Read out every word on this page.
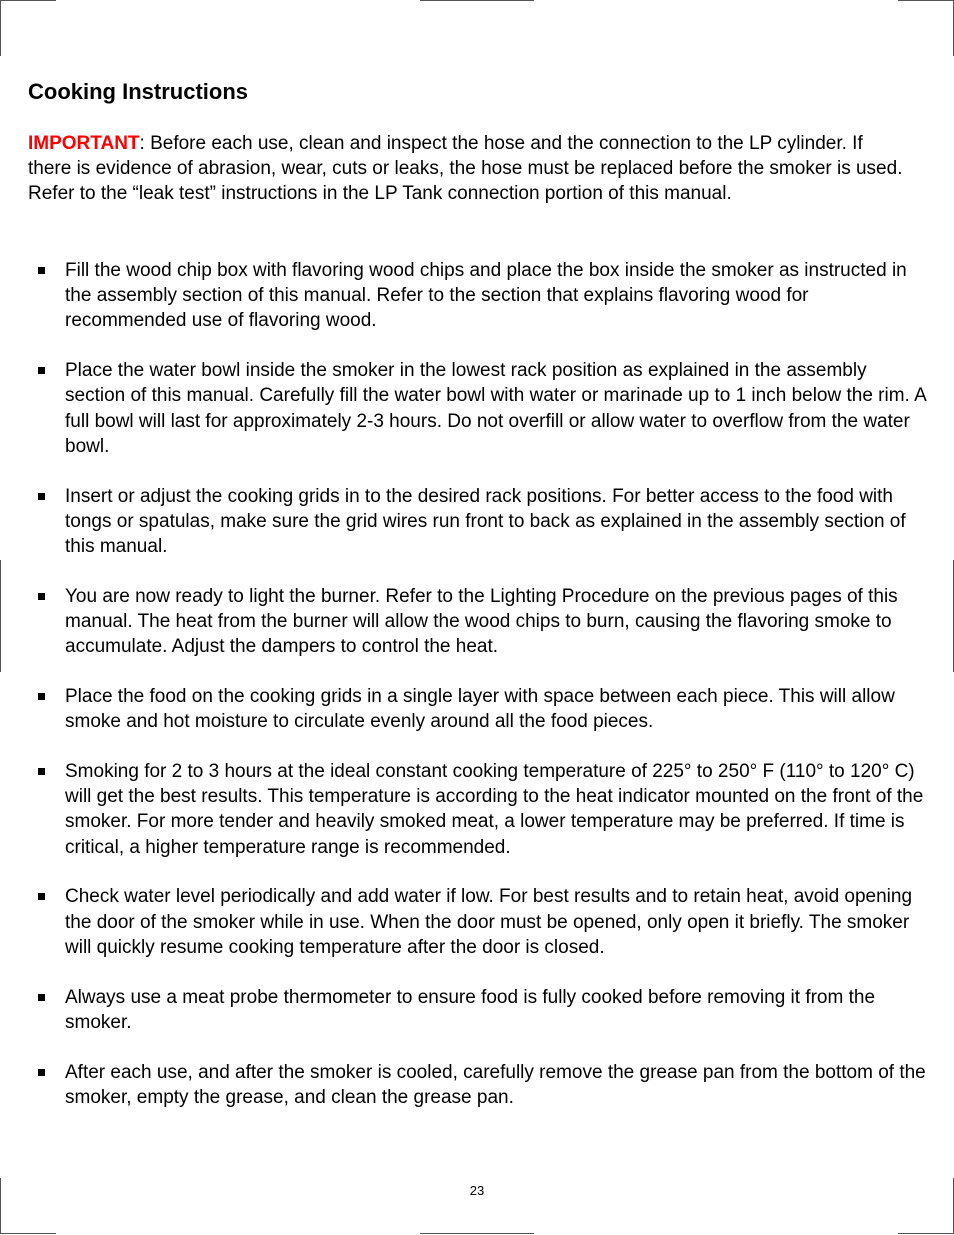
Cooking Instructions

IMPORTANT: Before each use, clean and inspect the hose and the connection to the LP cylinder. If there is evidence of abrasion, wear, cuts or leaks, the hose must be replaced before the smoker is used. Refer to the “leak test” instructions in the LP Tank connection portion of this manual.

Fill the wood chip box with flavoring wood chips and place the box inside the smoker as instructed in the assembly section of this manual. Refer to the section that explains flavoring wood for recommended use of flavoring wood.
Place the water bowl inside the smoker in the lowest rack position as explained in the assembly section of this manual. Carefully fill the water bowl with water or marinade up to 1 inch below the rim. A full bowl will last for approximately 2-3 hours. Do not overfill or allow water to overflow from the water bowl.
Insert or adjust the cooking grids in to the desired rack positions. For better access to the food with tongs or spatulas, make sure the grid wires run front to back as explained in the assembly section of this manual.
You are now ready to light the burner. Refer to the Lighting Procedure on the previous pages of this manual. The heat from the burner will allow the wood chips to burn, causing the flavoring smoke to accumulate. Adjust the dampers to control the heat.
Place the food on the cooking grids in a single layer with space between each piece. This will allow smoke and hot moisture to circulate evenly around all the food pieces.
Smoking for 2 to 3 hours at the ideal constant cooking temperature of 225° to 250° F (110° to 120° C) will get the best results. This temperature is according to the heat indicator mounted on the front of the smoker. For more tender and heavily smoked meat, a lower temperature may be preferred. If time is critical, a higher temperature range is recommended.
Check water level periodically and add water if low. For best results and to retain heat, avoid opening the door of the smoker while in use. When the door must be opened, only open it briefly. The smoker will quickly resume cooking temperature after the door is closed.
Always use a meat probe thermometer to ensure food is fully cooked before removing it from the smoker.
After each use, and after the smoker is cooled, carefully remove the grease pan from the bottom of the smoker, empty the grease, and clean the grease pan.
23
